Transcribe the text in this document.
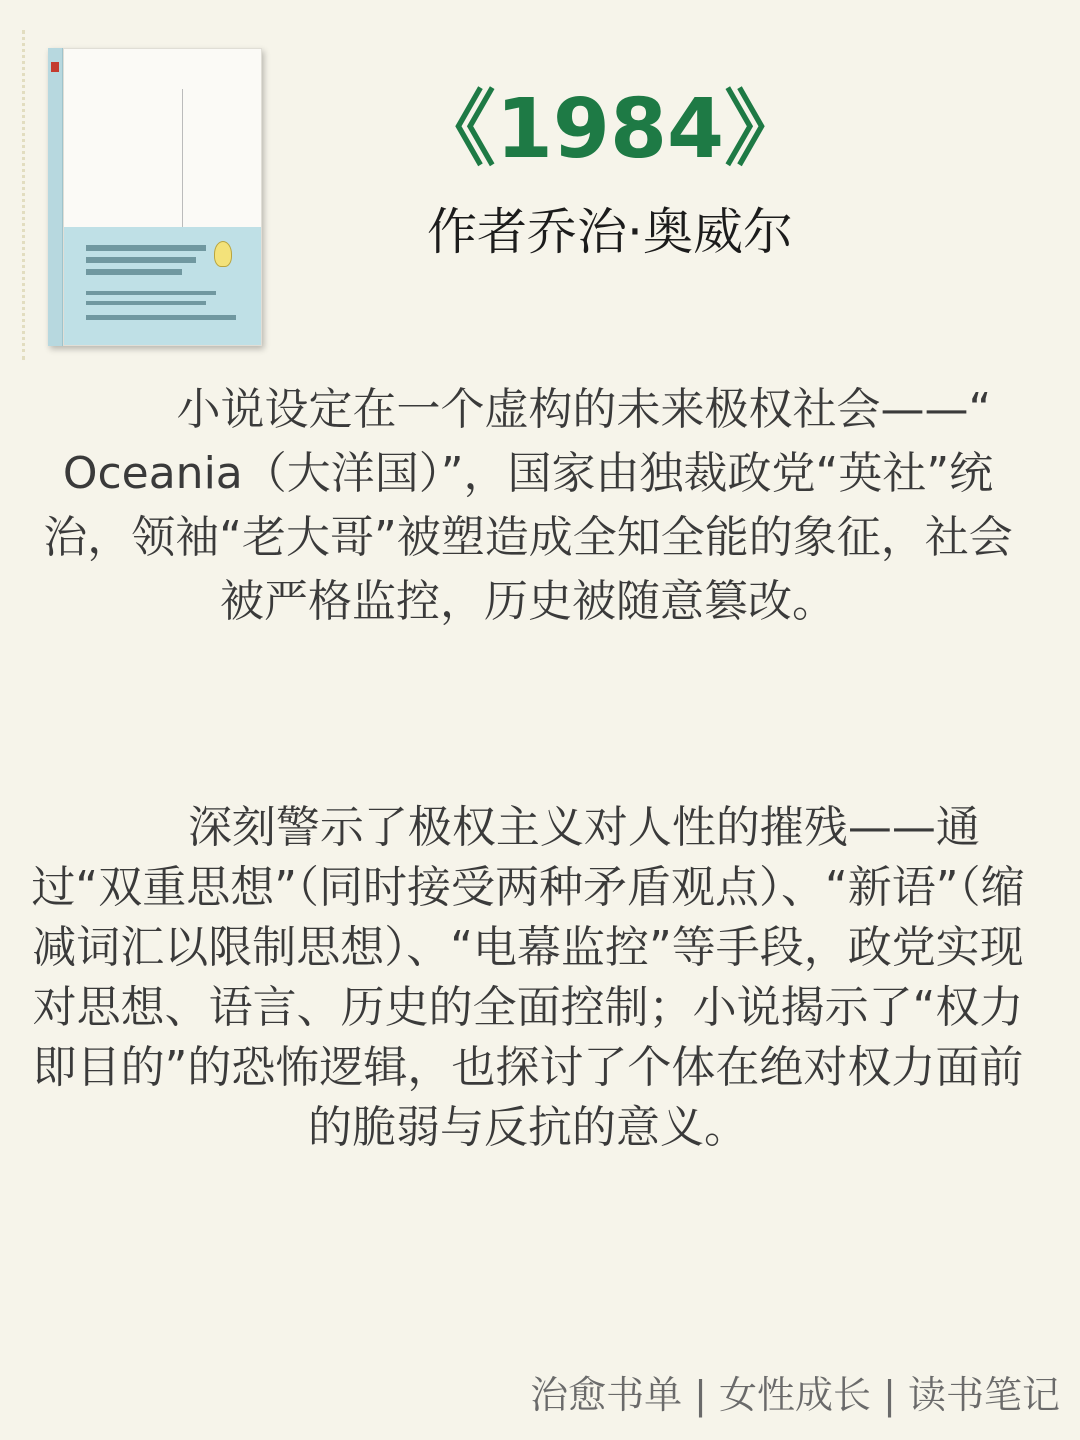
《1984》
作者乔治·奥威尔

小说设定在一个虚构的未来极权社会——“ Oceania（大洋国）”，国家由独裁政党“英社”统治，领袖“老大哥”被塑造成全知全能的象征，社会被严格监控，历史被随意篡改。

深刻警示了极权主义对人性的摧残——通过“双重思想”（同时接受两种矛盾观点）、“新语”（缩减词汇以限制思想）、“电幕监控”等手段，政党实现对思想、语言、历史的全面控制；小说揭示了“权力即目的”的恐怖逻辑，也探讨了个体在绝对权力面前的脆弱与反抗的意义。

治愈书单 | 女性成长 | 读书笔记
